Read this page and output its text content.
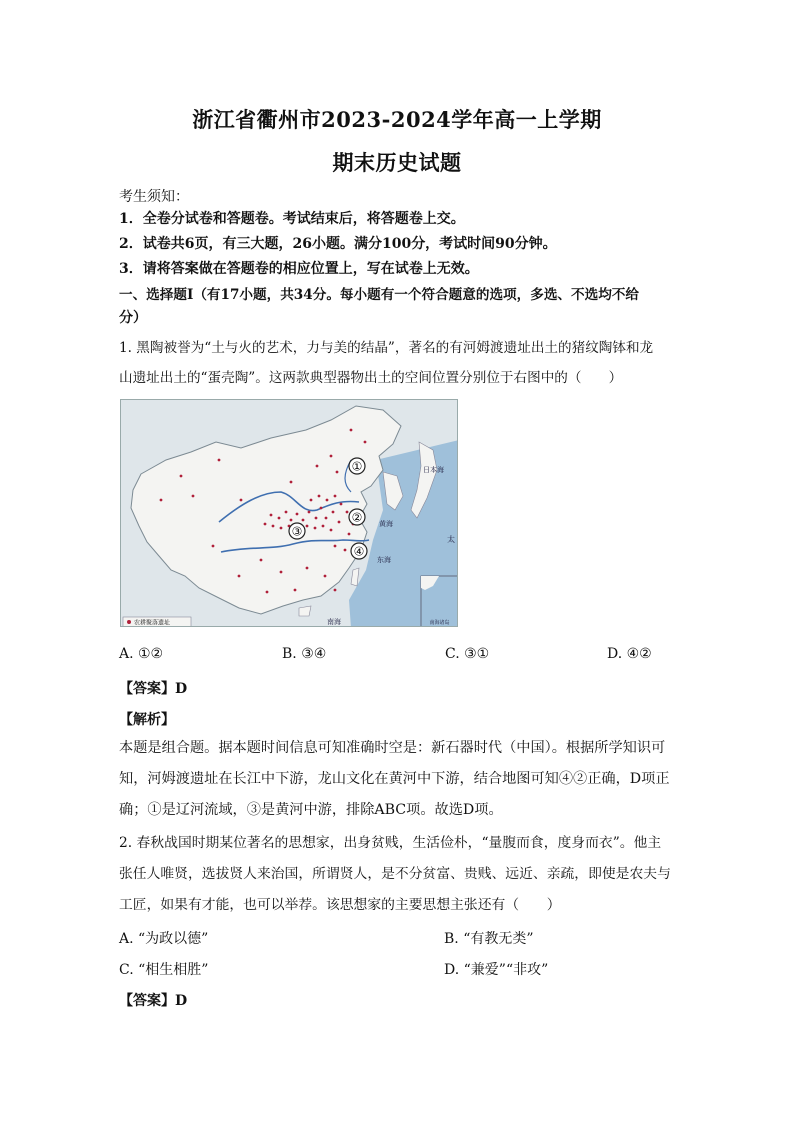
浙江省衢州市2023-2024学年高一上学期
期末历史试题
考生须知：
1．全卷分试卷和答题卷。考试结束后，将答题卷上交。
2．试卷共6页，有三大题，26小题。满分100分，考试时间90分钟。
3．请将答案做在答题卷的相应位置上，写在试卷上无效。
一、选择题Ⅰ（有17小题，共34分。每小题有一个符合题意的选项，多选、不选均不给
分）
1. 黑陶被誉为“土与火的艺术，力与美的结晶”，著名的有河姆渡遗址出土的猪纹陶钵和龙
山遗址出土的“蛋壳陶”。这两款典型器物出土的空间位置分别位于右图中的（　　）
①
②
③
④
日本海
黄海
东海
太
南海	南海诸岛
农耕聚落遗址
A. ①②	B. ③④	C. ③①	D. ④②
【答案】D
【解析】
本题是组合题。据本题时间信息可知准确时空是：新石器时代（中国）。根据所学知识可
知，河姆渡遗址在长江中下游，龙山文化在黄河中下游，结合地图可知④②正确，D项正
确；①是辽河流域，③是黄河中游，排除ABC项。故选D项。
2. 春秋战国时期某位著名的思想家，出身贫贱，生活俭朴，“量腹而食，度身而衣”。他主
张任人唯贤，选拔贤人来治国，所谓贤人，是不分贫富、贵贱、远近、亲疏，即使是农夫与
工匠，如果有才能，也可以举荐。该思想家的主要思想主张还有（　　）
A. “为政以德”	B. “有教无类”
C. “相生相胜”	D. “兼爱”“非攻”
【答案】D
